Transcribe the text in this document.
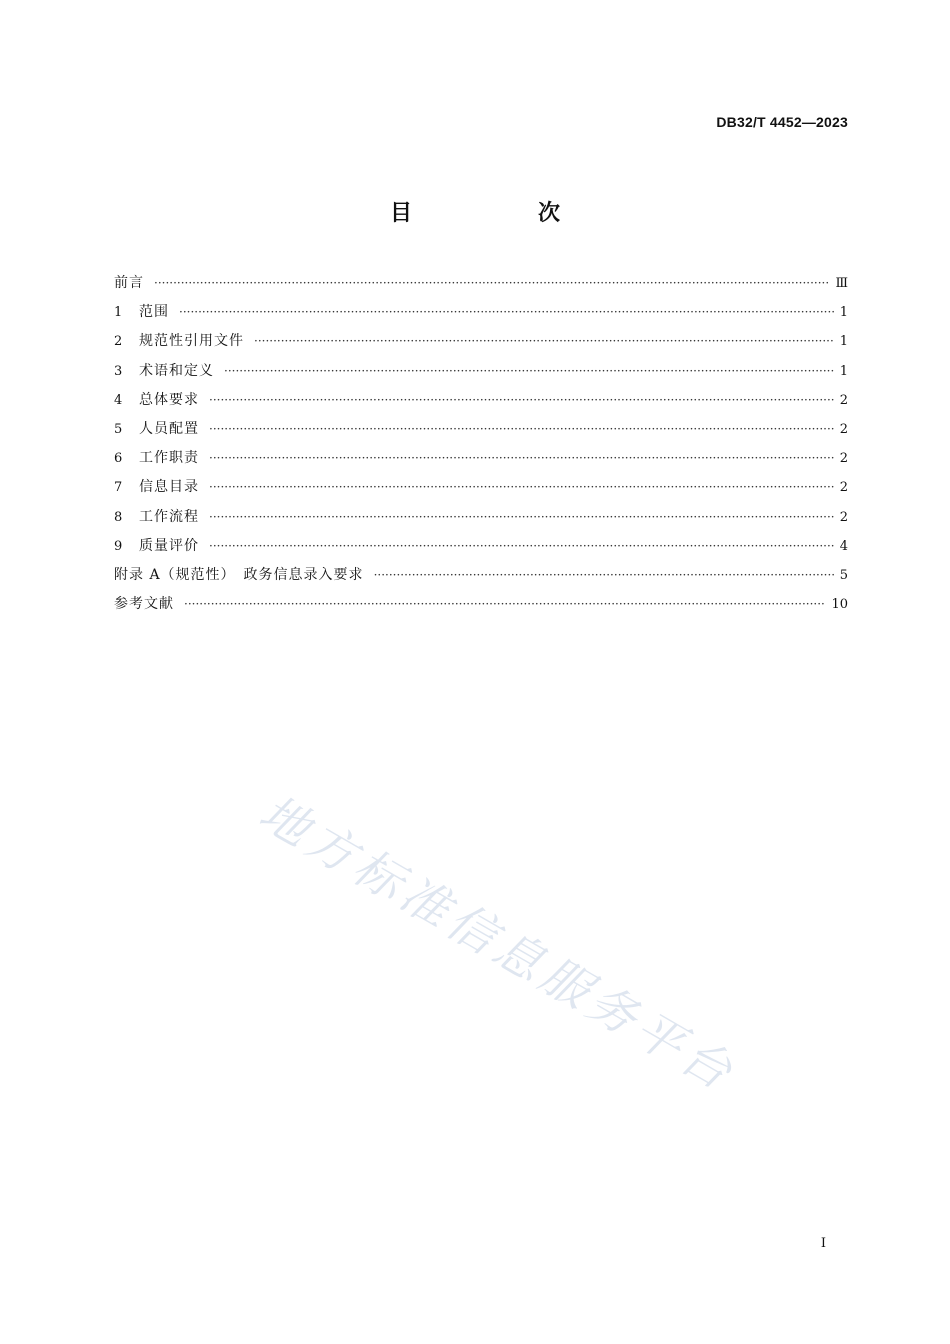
DB32/T 4452—2023
目　次
前言 ·····	Ⅲ
1	范围 ·····	1
2	规范性引用文件 ·····	1
3	术语和定义 ·····	1
4	总体要求 ·····	2
5	人员配置 ·····	2
6	工作职责 ·····	2
7	信息目录 ·····	2
8	工作流程 ·····	2
9	质量评价 ·····	4
附录 A（规范性）　政务信息录入要求 ·····	5
参考文献 ·····	10
地方标准信息服务平台
I
